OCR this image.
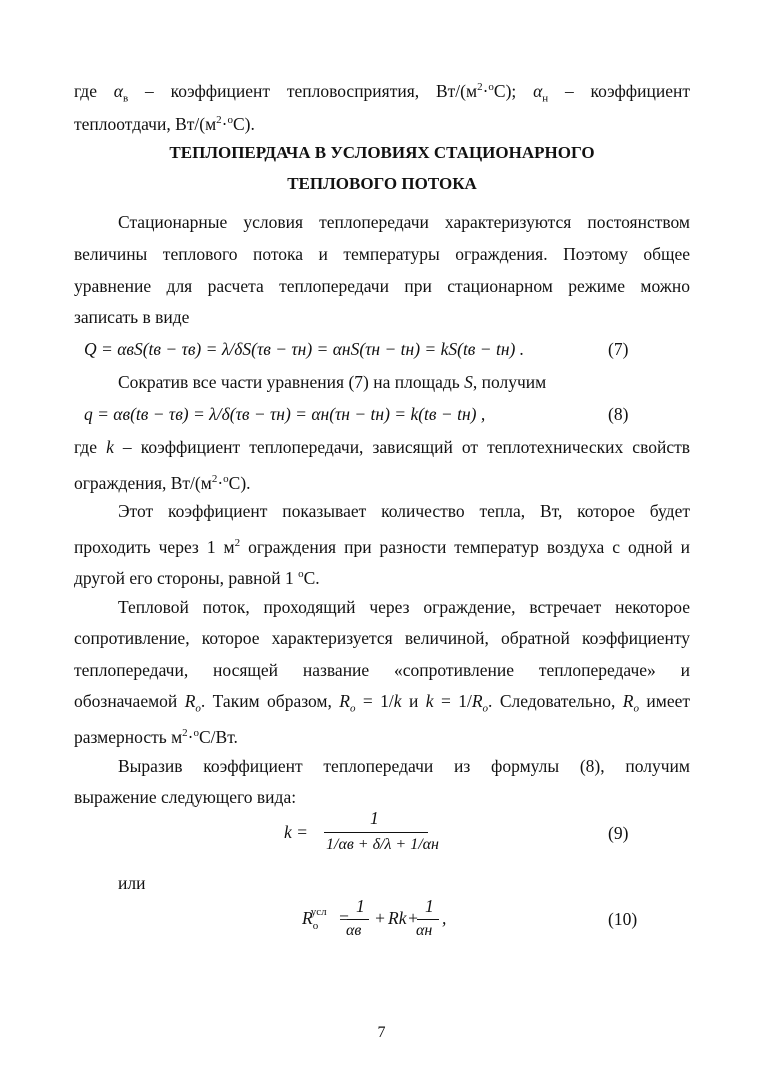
где $\alpha_в$ – коэффициент тепловосприятия, $Вт/(м^2\cdot^оС)$; $\alpha_н$ – коэффициент
теплоотдачи, $Вт/(м^2\cdot^оС)$.
ТЕПЛОПЕРДАЧА В УСЛОВИЯХ СТАЦИОНАРНОГО
ТЕПЛОВОГО ПОТОКА
Стационарные условия теплопередачи характеризуются постоянством
величины теплового потока и температуры ограждения. Поэтому общее
уравнение для расчета теплопередачи при стационарном режиме можно
записать в виде
Q = αвS(tв − τв) = λ/δS(τв − τн) = αнS(τн − tн) = kS(tв − tн) .	(7)
Сократив все части уравнения (7) на площадь S, получим
q = αв(tв − τв) = λ/δ(τв − τн) = αн(τн − tн) = k(tв − tн) ,	(8)
где k – коэффициент теплопередачи, зависящий от теплотехнических свойств
ограждения, $Вт/(м^2\cdot^оС)$.
Этот коэффициент показывает количество тепла, Вт, которое будет
проходить через 1 $м^2$ ограждения при разности температур воздуха с одной и
другой его стороны, равной 1 $^о$С.
Тепловой поток, проходящий через ограждение, встречает некоторое
сопротивление, которое характеризуется величиной, обратной коэффициенту
теплопередачи, носящей название «сопротивление теплопередаче» и
обозначаемой $R_o$. Таким образом, $R_o = 1/k$ и $k = 1/R_o$. Следовательно, $R_o$ имеет
размерность $м^2\cdot^оС/Вт$.
Выразив коэффициент теплопередачи из формулы (8), получим
выражение следующего вида:
k =
1
1/αв + δ/λ + 1/αн
(9)
или
$R_о^{усл}$ =
1
αв
+ Rk +
1
αн
,	(10)
7
